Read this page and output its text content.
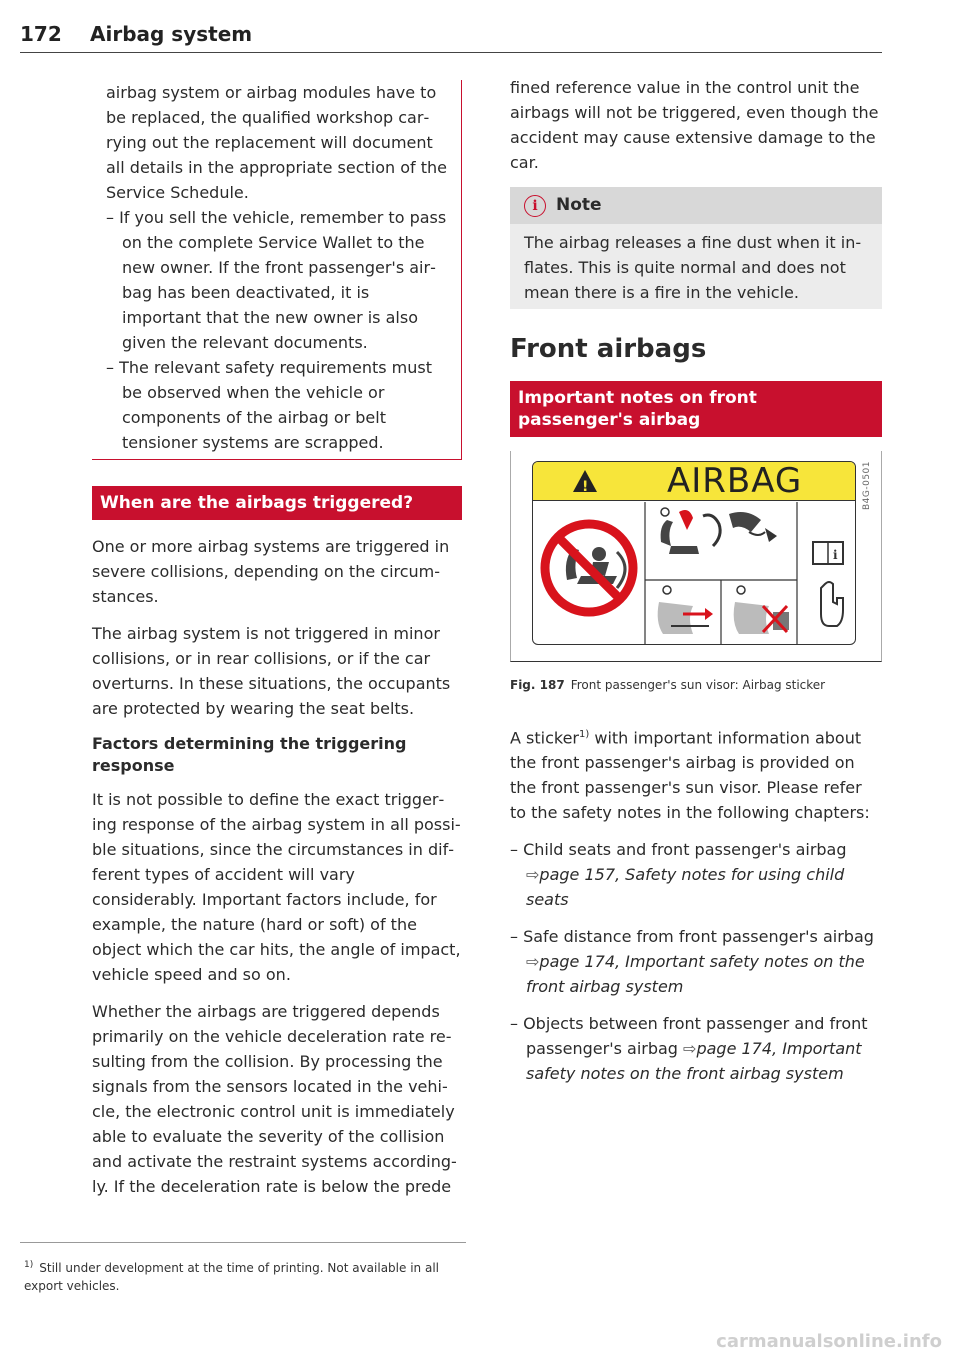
172 Airbag system

airbag system or airbag modules have to be replaced, the qualified workshop carrying out the replacement will document all details in the appropriate section of the Service Schedule.

– If you sell the vehicle, remember to pass on the complete Service Wallet to the new owner. If the front passenger's airbag has been deactivated, it is important that the new owner is also given the relevant documents.

– The relevant safety requirements must be observed when the vehicle or components of the airbag or belt tensioner systems are scrapped.

When are the airbags triggered?

One or more airbag systems are triggered in severe collisions, depending on the circumstances.

The airbag system is not triggered in minor collisions, or in rear collisions, or if the car overturns. In these situations, the occupants are protected by wearing the seat belts.

Factors determining the triggering response

It is not possible to define the exact triggering response of the airbag system in all possible situations, since the circumstances in different types of accident will vary considerably. Important factors include, for example, the nature (hard or soft) of the object which the car hits, the angle of impact, vehicle speed and so on.

Whether the airbags are triggered depends primarily on the vehicle deceleration rate resulting from the collision. By processing the signals from the sensors located in the vehicle, the electronic control unit is immediately able to evaluate the severity of the collision and activate the restraint systems accordingly. If the deceleration rate is below the prede

$^{1)}$ Still under development at the time of printing. Not available in all export vehicles.

fined reference value in the control unit the airbags will not be triggered, even though the accident may cause extensive damage to the car.

i	Note
The airbag releases a fine dust when it inflates. This is quite normal and does not mean there is a fire in the vehicle.
Front airbags
Important notes on front passenger's airbag
B4G-0501
! AIRBAG
i
Fig. 187 Front passenger's sun visor: Airbag sticker

A sticker$^{1)}$ with important information about the front passenger's airbag is provided on the front passenger's sun visor. Please refer to the safety notes in the following chapters:

– Child seats and front passenger's airbag ⇨page 157, Safety notes for using child seats

– Safe distance from front passenger's airbag ⇨page 174, Important safety notes on the front airbag system

– Objects between front passenger and front passenger's airbag ⇨page 174, Important safety notes on the front airbag system

carmanualsonline.info
